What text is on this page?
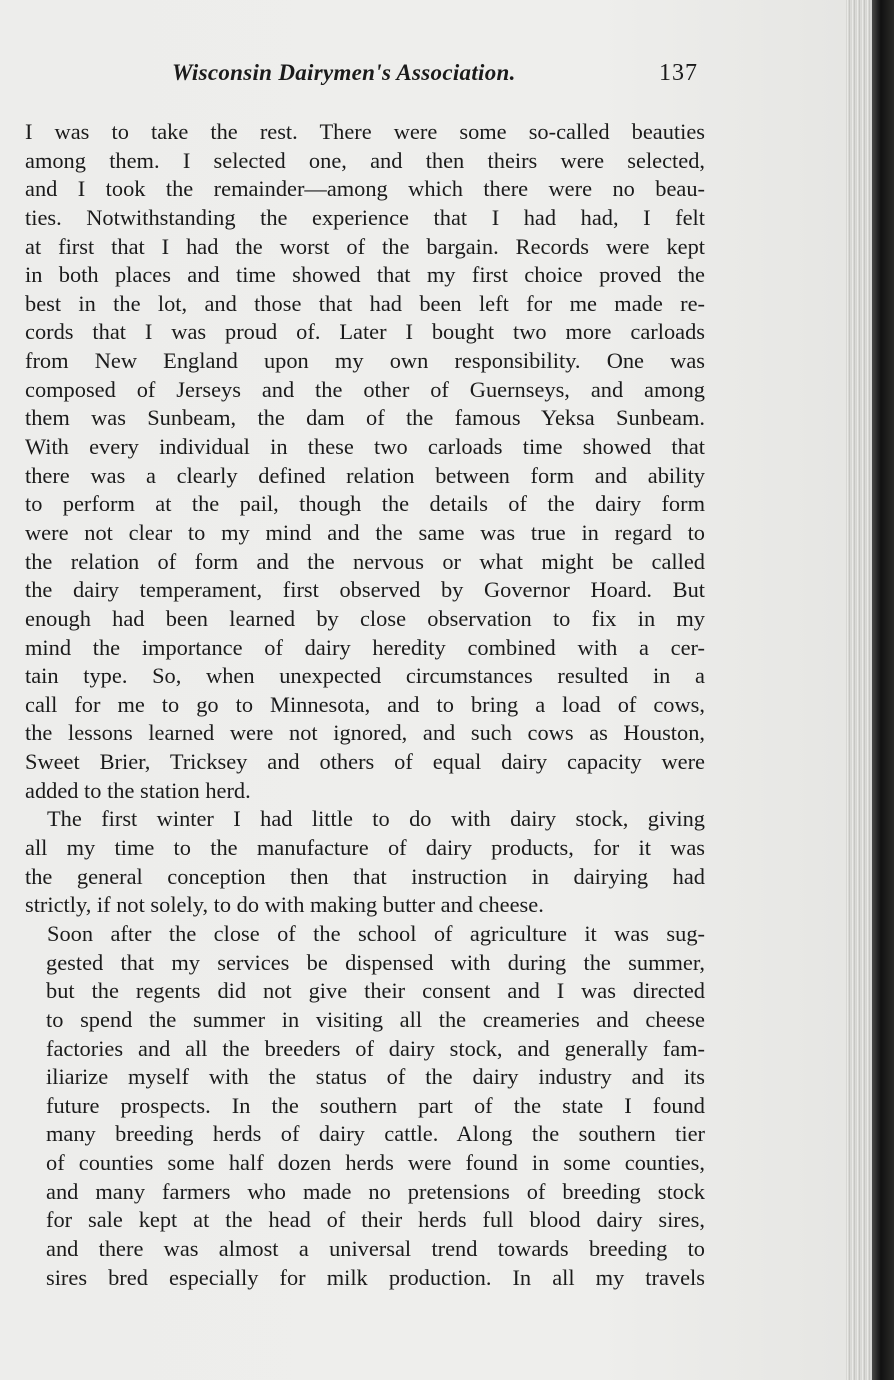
Wisconsin Dairymen's Association.	137
I was to take the rest. There were some so-called beauties
among them. I selected one, and then theirs were selected,
and I took the remainder—among which there were no beau-
ties. Notwithstanding the experience that I had had, I felt
at first that I had the worst of the bargain. Records were kept
in both places and time showed that my first choice proved the
best in the lot, and those that had been left for me made re-
cords that I was proud of. Later I bought two more carloads
from New England upon my own responsibility. One was
composed of Jerseys and the other of Guernseys, and among
them was Sunbeam, the dam of the famous Yeksa Sunbeam.
With every individual in these two carloads time showed that
there was a clearly defined relation between form and ability
to perform at the pail, though the details of the dairy form
were not clear to my mind and the same was true in regard to
the relation of form and the nervous or what might be called
the dairy temperament, first observed by Governor Hoard. But
enough had been learned by close observation to fix in my
mind the importance of dairy heredity combined with a cer-
tain type. So, when unexpected circumstances resulted in a
call for me to go to Minnesota, and to bring a load of cows,
the lessons learned were not ignored, and such cows as Houston,
Sweet Brier, Tricksey and others of equal dairy capacity were
added to the station herd.
The first winter I had little to do with dairy stock, giving
all my time to the manufacture of dairy products, for it was
the general conception then that instruction in dairying had
strictly, if not solely, to do with making butter and cheese.
Soon after the close of the school of agriculture it was sug-
gested that my services be dispensed with during the summer,
but the regents did not give their consent and I was directed
to spend the summer in visiting all the creameries and cheese
factories and all the breeders of dairy stock, and generally fam-
iliarize myself with the status of the dairy industry and its
future prospects. In the southern part of the state I found
many breeding herds of dairy cattle. Along the southern tier
of counties some half dozen herds were found in some counties,
and many farmers who made no pretensions of breeding stock
for sale kept at the head of their herds full blood dairy sires,
and there was almost a universal trend towards breeding to
sires bred especially for milk production. In all my travels
